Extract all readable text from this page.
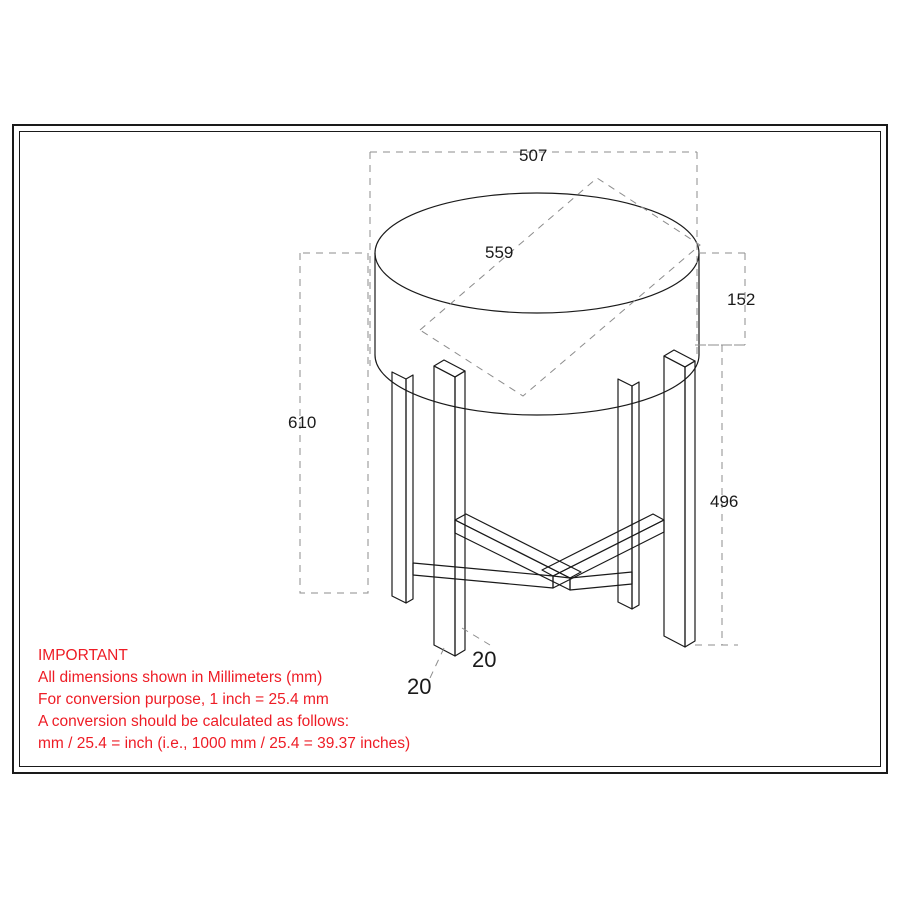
507
559
152
610
496
20
20
IMPORTANT
All dimensions shown in Millimeters (mm)
For conversion purpose, 1 inch = 25.4 mm
A conversion should be calculated as follows:
mm / 25.4 = inch (i.e., 1000 mm / 25.4 = 39.37 inches)
